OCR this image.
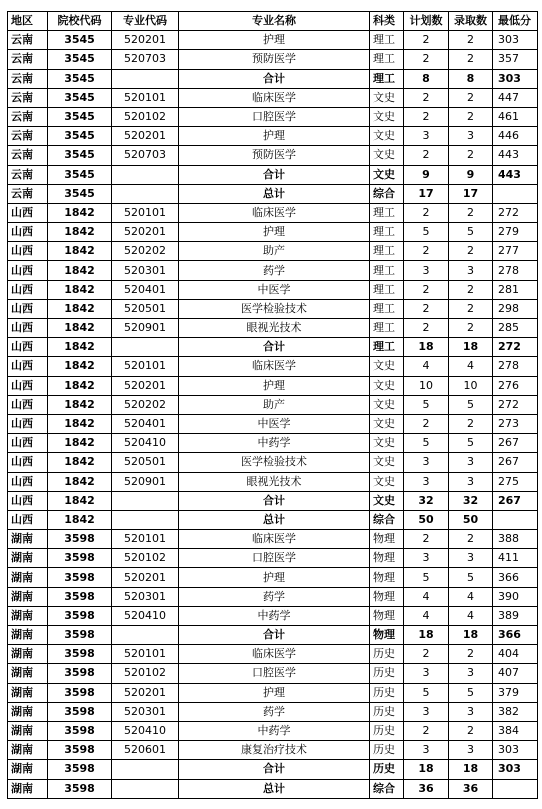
地区	院校代码	专业代码	专业名称	科类	计划数	录取数	最低分
云南	3545	520201	护理	理工	2	2	303
云南	3545	520703	预防医学	理工	2	2	357
云南	3545		合计	理工	8	8	303
云南	3545	520101	临床医学	文史	2	2	447
云南	3545	520102	口腔医学	文史	2	2	461
云南	3545	520201	护理	文史	3	3	446
云南	3545	520703	预防医学	文史	2	2	443
云南	3545		合计	文史	9	9	443
云南	3545		总计	综合	17	17	
山西	1842	520101	临床医学	理工	2	2	272
山西	1842	520201	护理	理工	5	5	279
山西	1842	520202	助产	理工	2	2	277
山西	1842	520301	药学	理工	3	3	278
山西	1842	520401	中医学	理工	2	2	281
山西	1842	520501	医学检验技术	理工	2	2	298
山西	1842	520901	眼视光技术	理工	2	2	285
山西	1842		合计	理工	18	18	272
山西	1842	520101	临床医学	文史	4	4	278
山西	1842	520201	护理	文史	10	10	276
山西	1842	520202	助产	文史	5	5	272
山西	1842	520401	中医学	文史	2	2	273
山西	1842	520410	中药学	文史	5	5	267
山西	1842	520501	医学检验技术	文史	3	3	267
山西	1842	520901	眼视光技术	文史	3	3	275
山西	1842		合计	文史	32	32	267
山西	1842		总计	综合	50	50	
湖南	3598	520101	临床医学	物理	2	2	388
湖南	3598	520102	口腔医学	物理	3	3	411
湖南	3598	520201	护理	物理	5	5	366
湖南	3598	520301	药学	物理	4	4	390
湖南	3598	520410	中药学	物理	4	4	389
湖南	3598		合计	物理	18	18	366
湖南	3598	520101	临床医学	历史	2	2	404
湖南	3598	520102	口腔医学	历史	3	3	407
湖南	3598	520201	护理	历史	5	5	379
湖南	3598	520301	药学	历史	3	3	382
湖南	3598	520410	中药学	历史	2	2	384
湖南	3598	520601	康复治疗技术	历史	3	3	303
湖南	3598		合计	历史	18	18	303
湖南	3598		总计	综合	36	36	
